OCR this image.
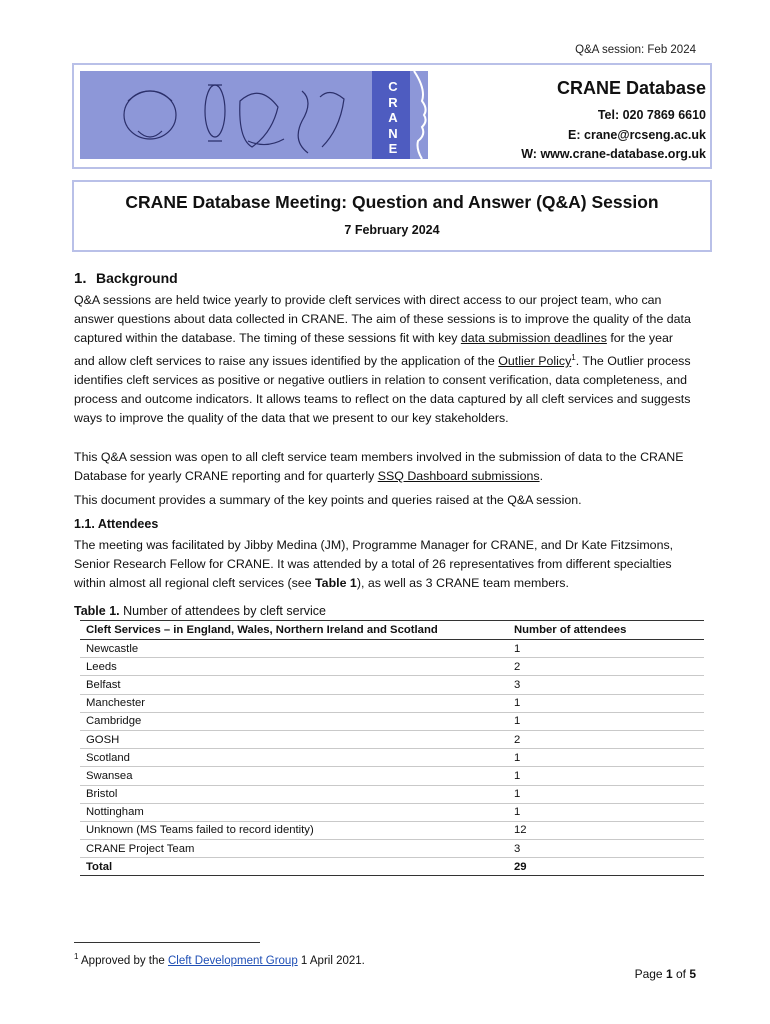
Q&A session: Feb 2024
C
R
A
N
E
CRANE Database
Tel: 020 7869 6610
E: crane@rcseng.ac.uk
W: www.crane-database.org.uk
CRANE Database Meeting: Question and Answer (Q&A) Session
7 February 2024
1. Background
Q&A sessions are held twice yearly to provide cleft services with direct access to our project team, who can answer questions about data collected in CRANE. The aim of these sessions is to improve the quality of the data captured within the database. The timing of these sessions fit with key data submission deadlines for the year and allow cleft services to raise any issues identified by the application of the Outlier Policy$^1$. The Outlier process identifies cleft services as positive or negative outliers in relation to consent verification, data completeness, and process and outcome indicators. It allows teams to reflect on the data captured by all cleft services and suggests ways to improve the quality of the data that we present to our key stakeholders.
This Q&A session was open to all cleft service team members involved in the submission of data to the CRANE Database for yearly CRANE reporting and for quarterly SSQ Dashboard submissions.
This document provides a summary of the key points and queries raised at the Q&A session.
1.1. Attendees
The meeting was facilitated by Jibby Medina (JM), Programme Manager for CRANE, and Dr Kate Fitzsimons, Senior Research Fellow for CRANE. It was attended by a total of 26 representatives from different specialties within almost all regional cleft services (see Table 1), as well as 3 CRANE team members.
Table 1. Number of attendees by cleft service
Cleft Services – in England, Wales, Northern Ireland and Scotland	Number of attendees
Newcastle	1
Leeds	2
Belfast	3
Manchester	1
Cambridge	1
GOSH	2
Scotland	1
Swansea	1
Bristol	1
Nottingham	1
Unknown (MS Teams failed to record identity)	12
CRANE Project Team	3
Total	29
$^1$ Approved by the Cleft Development Group 1 April 2021.
Page 1 of 5
